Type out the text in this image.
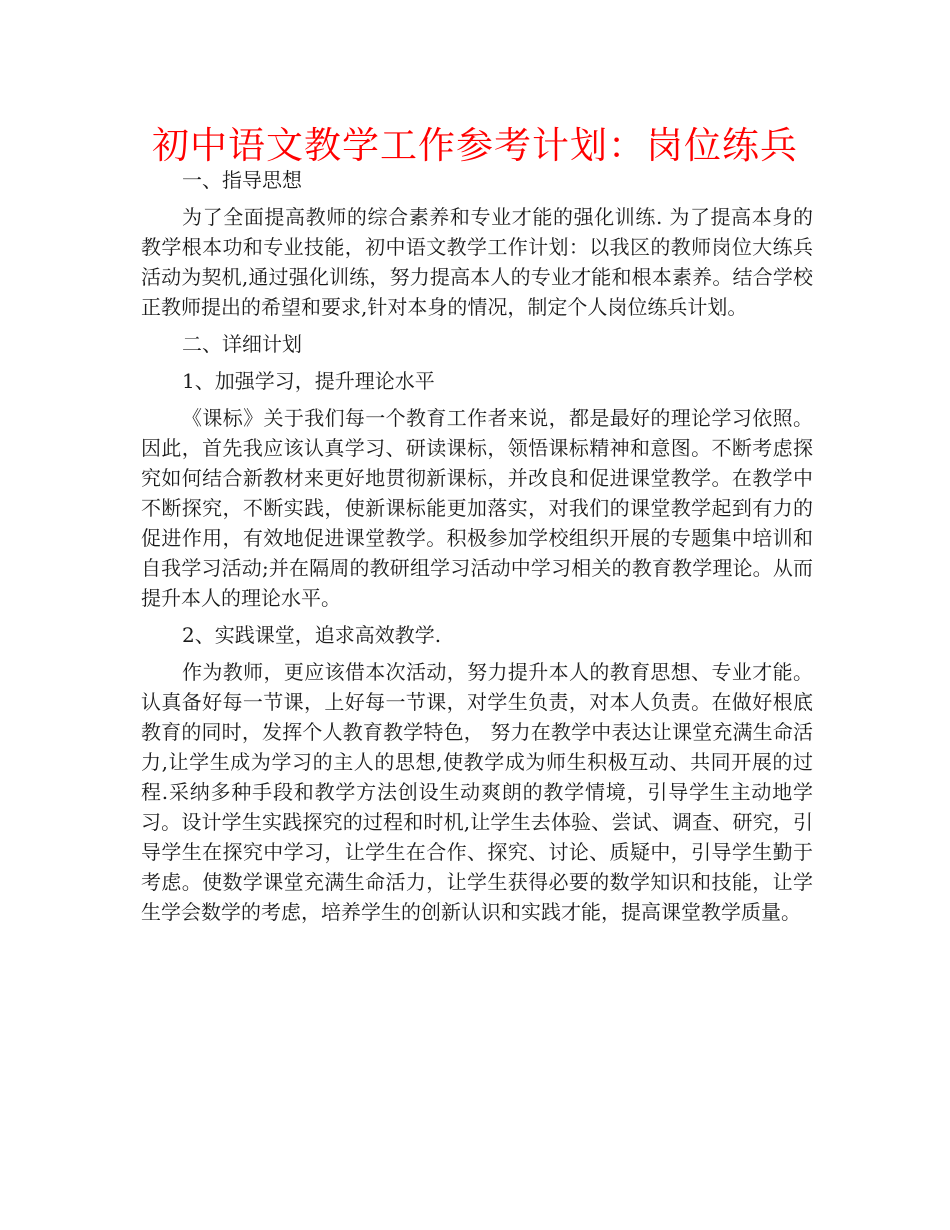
初中语文教学工作参考计划：岗位练兵

一、指导思想

为了全面提高教师的综合素养和专业才能的强化训练. 为了提高本身的教学根本功和专业技能，初中语文教学工作计划：以我区的教师岗位大练兵活动为契机,通过强化训练，努力提高本人的专业才能和根本素养。结合学校正教师提出的希望和要求,针对本身的情况，制定个人岗位练兵计划。

二、详细计划

1、加强学习，提升理论水平

《课标》关于我们每一个教育工作者来说，都是最好的理论学习依照。因此，首先我应该认真学习、研读课标，领悟课标精神和意图。不断考虑探究如何结合新教材来更好地贯彻新课标，并改良和促进课堂教学。在教学中不断探究，不断实践，使新课标能更加落实，对我们的课堂教学起到有力的促进作用，有效地促进课堂教学。积极参加学校组织开展的专题集中培训和自我学习活动;并在隔周的教研组学习活动中学习相关的教育教学理论。从而提升本人的理论水平。

2、实践课堂，追求高效教学.

作为教师，更应该借本次活动，努力提升本人的教育思想、专业才能。认真备好每一节课，上好每一节课，对学生负责，对本人负责。在做好根底教育的同时，发挥个人教育教学特色， 努力在教学中表达让课堂充满生命活力,让学生成为学习的主人的思想,使教学成为师生积极互动、共同开展的过程.采纳多种手段和教学方法创设生动爽朗的教学情境，引导学生主动地学习。设计学生实践探究的过程和时机,让学生去体验、尝试、调查、研究，引导学生在探究中学习，让学生在合作、探究、讨论、质疑中，引导学生勤于考虑。使数学课堂充满生命活力，让学生获得必要的数学知识和技能，让学生学会数学的考虑，培养学生的创新认识和实践才能，提高课堂教学质量。
